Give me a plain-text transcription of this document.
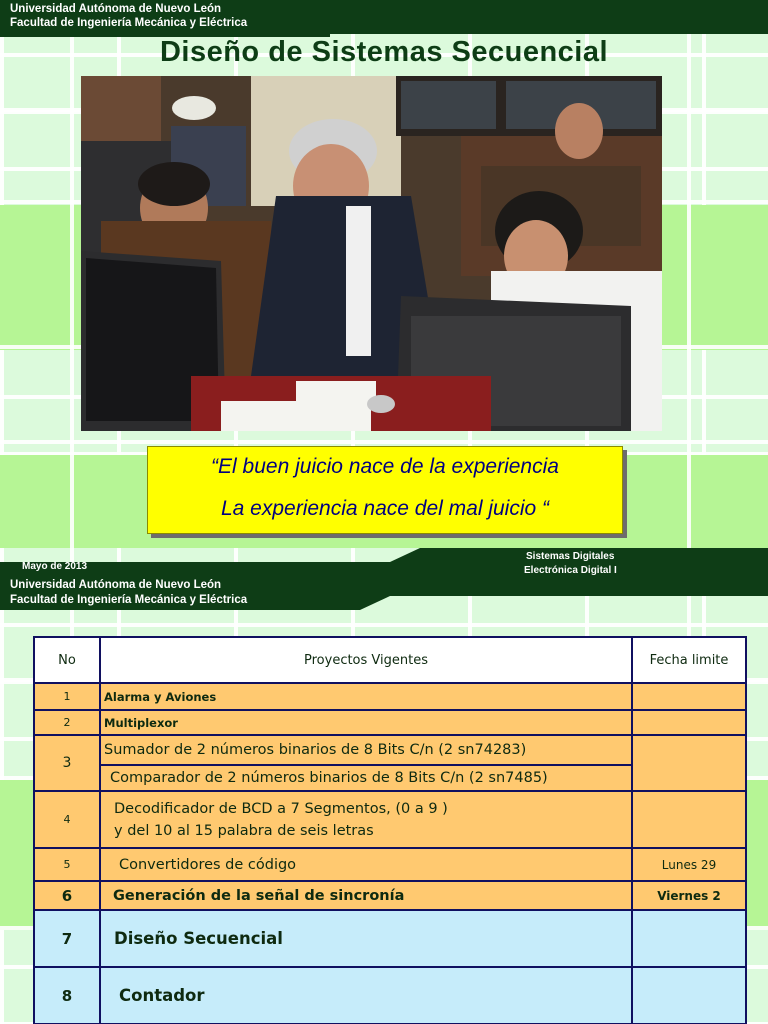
Universidad Autónoma de Nuevo León
Facultad de Ingeniería Mecánica y Eléctrica
Diseño de Sistemas Secuencial
“El buen juicio nace de la experiencia
La experiencia nace del mal juicio “
Mayo de 2013
Sistemas Digitales
Electrónica Digital I
Universidad Autónoma de Nuevo León
Facultad de Ingeniería Mecánica y Eléctrica
No	Proyectos Vigentes	Fecha limite
1	Alarma y Aviones	
2	Multiplexor	
3	Sumador de 2 números binarios de 8 Bits C/n (2 sn74283)	
	Comparador de 2 números binarios de 8 Bits C/n (2 sn7485)	
4	Decodificador de BCD a 7 Segmentos, (0 a 9 )
y del 10 al 15 palabra de seis letras	

5	Convertidores de código	Lunes 29
6	Generación de la señal de sincronía	Viernes 2
7	Diseño Secuencial	
8	Contador	
